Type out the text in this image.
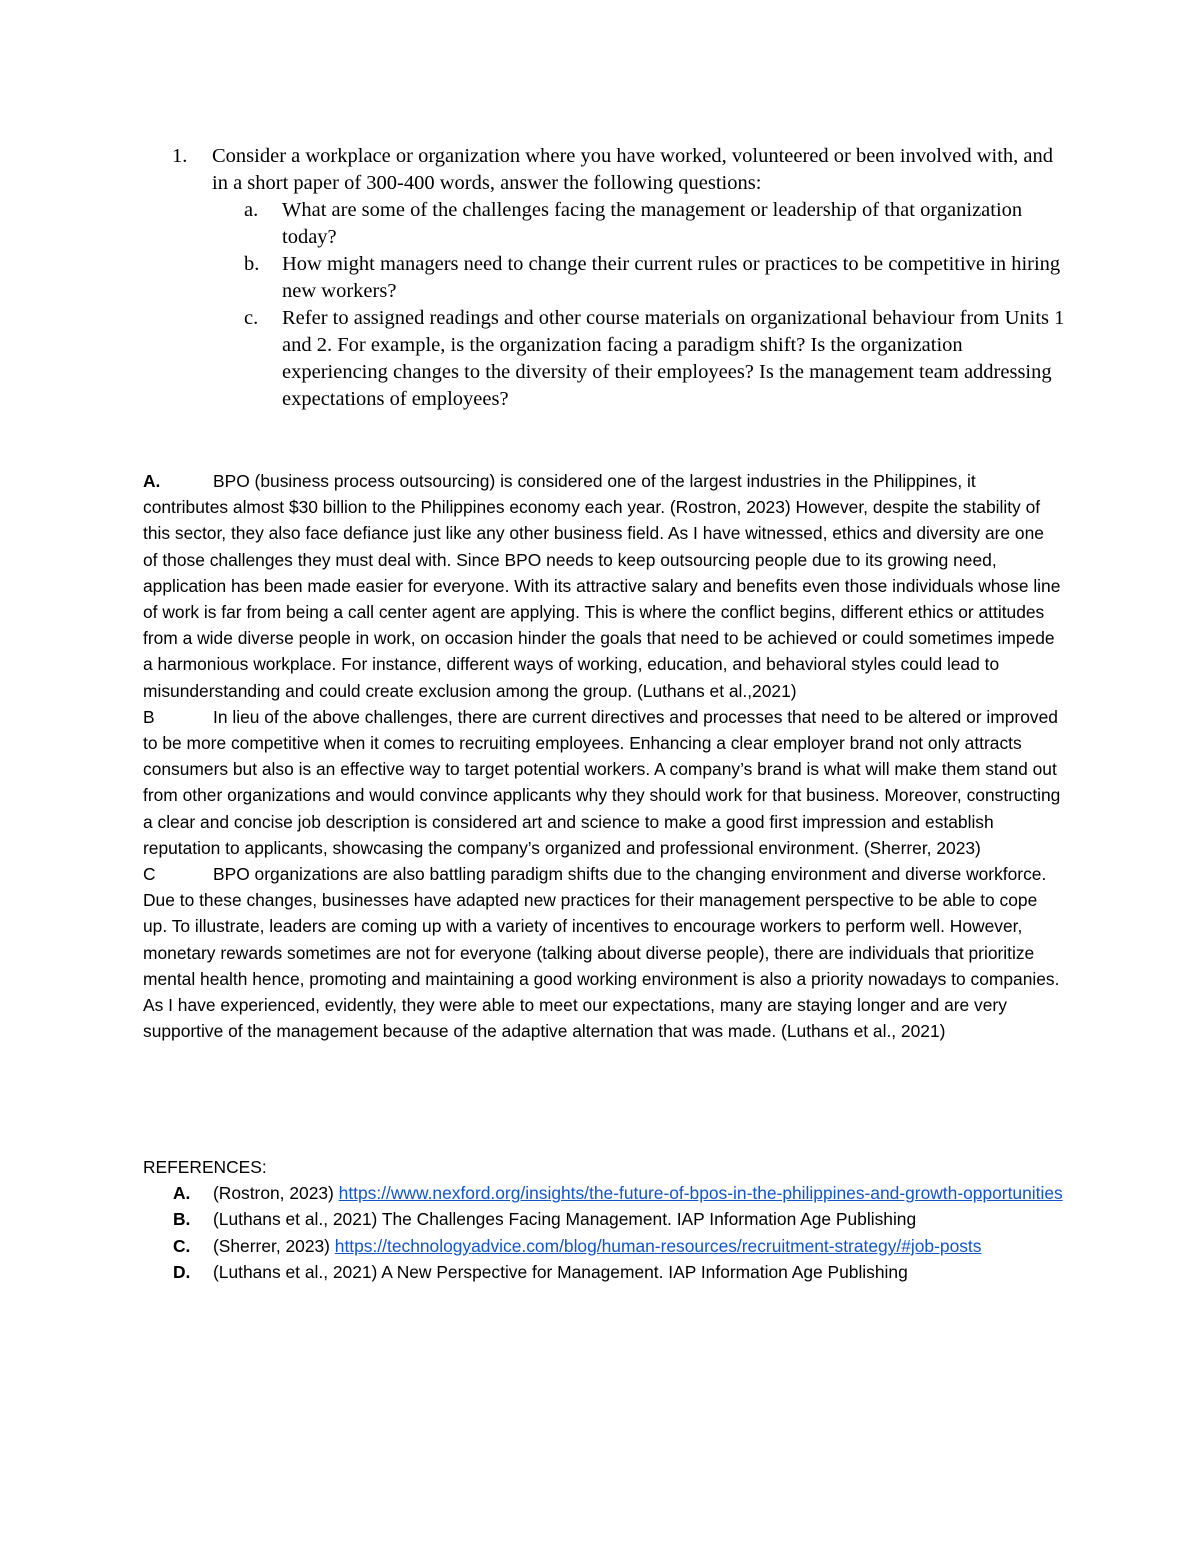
1.	Consider a workplace or organization where you have worked, volunteered or been involved with, and in a short paper of 300-400 words, answer the following questions:
a.	What are some of the challenges facing the management or leadership of that organization today?
b.	How might managers need to change their current rules or practices to be competitive in hiring new workers?
c.	Refer to assigned readings and other course materials on organizational behaviour from Units 1 and 2. For example, is the organization facing a paradigm shift? Is the organization experiencing changes to the diversity of their employees? Is the management team addressing expectations of employees?

A.	BPO (business process outsourcing) is considered one of the largest industries in the Philippines, it contributes almost $30 billion to the Philippines economy each year. (Rostron, 2023) However, despite the stability of this sector, they also face defiance just like any other business field. As I have witnessed, ethics and diversity are one of those challenges they must deal with. Since BPO needs to keep outsourcing people due to its growing need, application has been made easier for everyone. With its attractive salary and benefits even those individuals whose line of work is far from being a call center agent are applying. This is where the conflict begins, different ethics or attitudes from a wide diverse people in work, on occasion hinder the goals that need to be achieved or could sometimes impede a harmonious workplace. For instance, different ways of working, education, and behavioral styles could lead to misunderstanding and could create exclusion among the group. (Luthans et al.,2021)

B	In lieu of the above challenges, there are current directives and processes that need to be altered or improved to be more competitive when it comes to recruiting employees. Enhancing a clear employer brand not only attracts consumers but also is an effective way to target potential workers. A company’s brand is what will make them stand out from other organizations and would convince applicants why they should work for that business. Moreover, constructing a clear and concise job description is considered art and science to make a good first impression and establish reputation to applicants, showcasing the company’s organized and professional environment. (Sherrer, 2023)

C	BPO organizations are also battling paradigm shifts due to the changing environment and diverse workforce. Due to these changes, businesses have adapted new practices for their management perspective to be able to cope up. To illustrate, leaders are coming up with a variety of incentives to encourage workers to perform well. However, monetary rewards sometimes are not for everyone (talking about diverse people), there are individuals that prioritize mental health hence, promoting and maintaining a good working environment is also a priority nowadays to companies. As I have experienced, evidently, they were able to meet our expectations, many are staying longer and are very supportive of the management because of the adaptive alternation that was made. (Luthans et al., 2021)

REFERENCES:

A.	(Rostron, 2023) https://www.nexford.org/insights/the-future-of-bpos-in-the-philippines-and-growth-opportunities
B.	(Luthans et al., 2021) The Challenges Facing Management. IAP Information Age Publishing
C.	(Sherrer, 2023) https://technologyadvice.com/blog/human-resources/recruitment-strategy/#job-posts
D.	(Luthans et al., 2021) A New Perspective for Management. IAP Information Age Publishing
